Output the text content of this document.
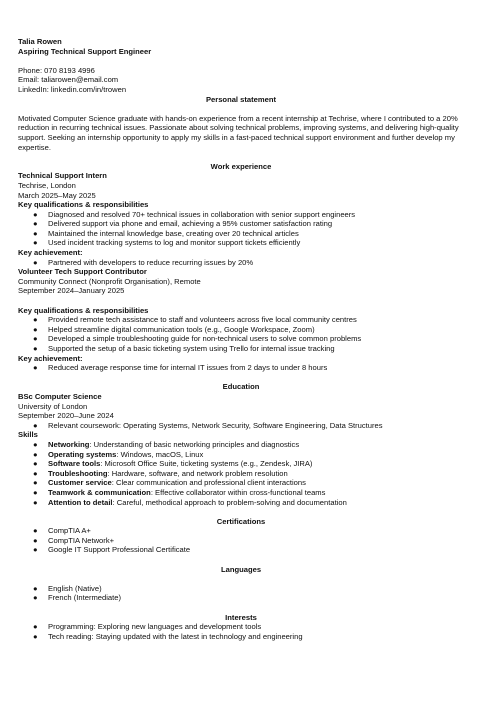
Talia Rowen
Aspiring Technical Support Engineer
Phone: 070 8193 4996
Email: taliarowen@email.com
LinkedIn: linkedin.com/in/trowen
Personal statement
Motivated Computer Science graduate with hands-on experience from a recent internship at Techrise, where I contributed to a 20% reduction in recurring technical issues. Passionate about solving technical problems, improving systems, and delivering high-quality support. Seeking an internship opportunity to apply my skills in a fast-paced technical support environment and further develop my expertise.
Work experience
Technical Support Intern
Techrise, London
March 2025–May 2025
Key qualifications & responsibilities
● Diagnosed and resolved 70+ technical issues in collaboration with senior support engineers
● Delivered support via phone and email, achieving a 95% customer satisfaction rating
● Maintained the internal knowledge base, creating over 20 technical articles
● Used incident tracking systems to log and monitor support tickets efficiently
Key achievement:
● Partnered with developers to reduce recurring issues by 20%
Volunteer Tech Support Contributor
Community Connect (Nonprofit Organisation), Remote
September 2024–January 2025
Key qualifications & responsibilities
● Provided remote tech assistance to staff and volunteers across five local community centres
● Helped streamline digital communication tools (e.g., Google Workspace, Zoom)
● Developed a simple troubleshooting guide for non-technical users to solve common problems
● Supported the setup of a basic ticketing system using Trello for internal issue tracking
Key achievement:
● Reduced average response time for internal IT issues from 2 days to under 8 hours
Education
BSc Computer Science
University of London
September 2020–June 2024
● Relevant coursework: Operating Systems, Network Security, Software Engineering, Data Structures
Skills
● Networking: Understanding of basic networking principles and diagnostics
● Operating systems: Windows, macOS, Linux
● Software tools: Microsoft Office Suite, ticketing systems (e.g., Zendesk, JIRA)
● Troubleshooting: Hardware, software, and network problem resolution
● Customer service: Clear communication and professional client interactions
● Teamwork & communication: Effective collaborator within cross-functional teams
● Attention to detail: Careful, methodical approach to problem-solving and documentation
Certifications
● CompTIA A+
● CompTIA Network+
● Google IT Support Professional Certificate
Languages
● English (Native)
● French (Intermediate)
Interests
● Programming: Exploring new languages and development tools
● Tech reading: Staying updated with the latest in technology and engineering
